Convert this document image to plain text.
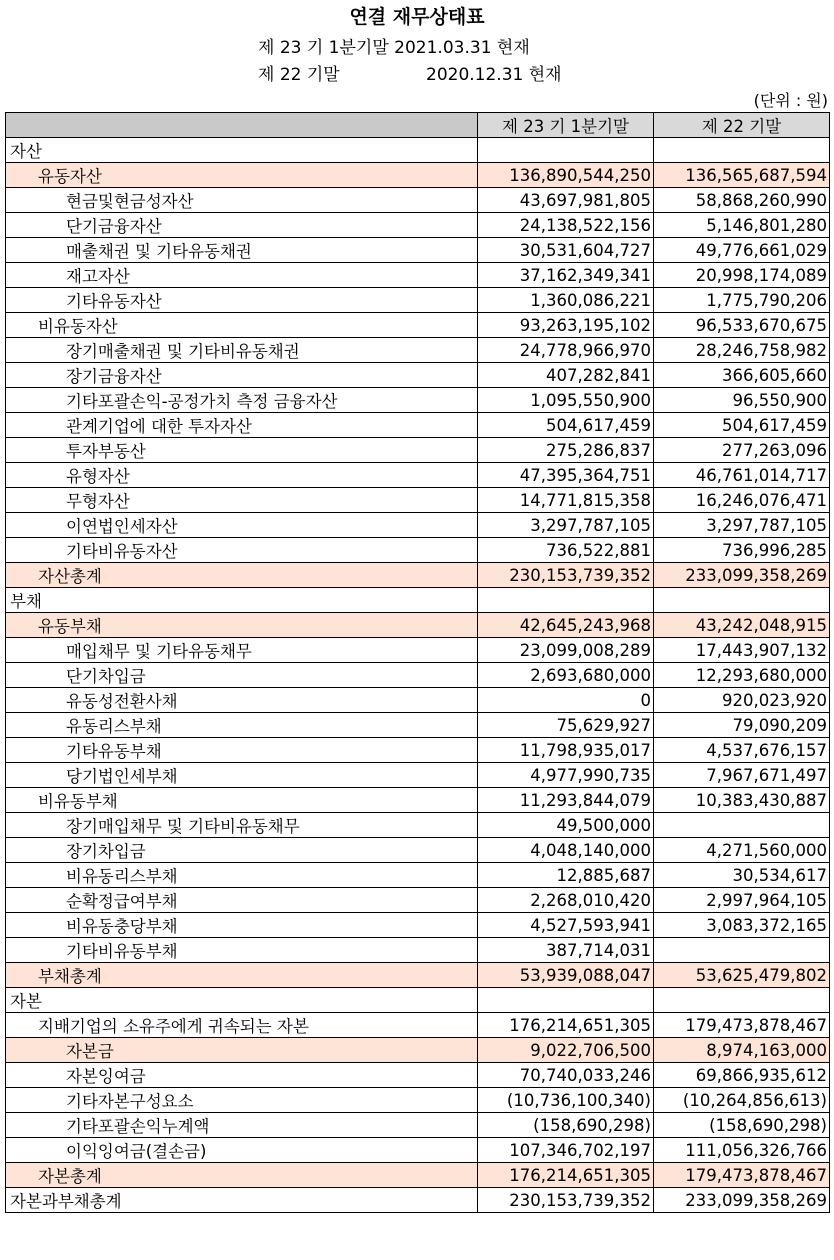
연결 재무상태표
제 23 기 1분기말 2021.03.31 현재
제 22 기말	2020.12.31 현재
(단위 : 원)
	제 23 기 1분기말	제 22 기말
자산		
유동자산	136,890,544,250	136,565,687,594
현금및현금성자산	43,697,981,805	58,868,260,990
단기금융자산	24,138,522,156	5,146,801,280
매출채권 및 기타유동채권	30,531,604,727	49,776,661,029
재고자산	37,162,349,341	20,998,174,089
기타유동자산	1,360,086,221	1,775,790,206
비유동자산	93,263,195,102	96,533,670,675
장기매출채권 및 기타비유동채권	24,778,966,970	28,246,758,982
장기금융자산	407,282,841	366,605,660
기타포괄손익-공정가치 측정 금융자산	1,095,550,900	96,550,900
관계기업에 대한 투자자산	504,617,459	504,617,459
투자부동산	275,286,837	277,263,096
유형자산	47,395,364,751	46,761,014,717
무형자산	14,771,815,358	16,246,076,471
이연법인세자산	3,297,787,105	3,297,787,105
기타비유동자산	736,522,881	736,996,285
자산총계	230,153,739,352	233,099,358,269
부채		
유동부채	42,645,243,968	43,242,048,915
매입채무 및 기타유동채무	23,099,008,289	17,443,907,132
단기차입금	2,693,680,000	12,293,680,000
유동성전환사채	0	920,023,920
유동리스부채	75,629,927	79,090,209
기타유동부채	11,798,935,017	4,537,676,157
당기법인세부채	4,977,990,735	7,967,671,497
비유동부채	11,293,844,079	10,383,430,887
장기매입채무 및 기타비유동채무	49,500,000	
장기차입금	4,048,140,000	4,271,560,000
비유동리스부채	12,885,687	30,534,617
순확정급여부채	2,268,010,420	2,997,964,105
비유동충당부채	4,527,593,941	3,083,372,165
기타비유동부채	387,714,031	
부채총계	53,939,088,047	53,625,479,802
자본		
지배기업의 소유주에게 귀속되는 자본	176,214,651,305	179,473,878,467
자본금	9,022,706,500	8,974,163,000
자본잉여금	70,740,033,246	69,866,935,612
기타자본구성요소	(10,736,100,340)	(10,264,856,613)
기타포괄손익누계액	(158,690,298)	(158,690,298)
이익잉여금(결손금)	107,346,702,197	111,056,326,766
자본총계	176,214,651,305	179,473,878,467
자본과부채총계	230,153,739,352	233,099,358,269
